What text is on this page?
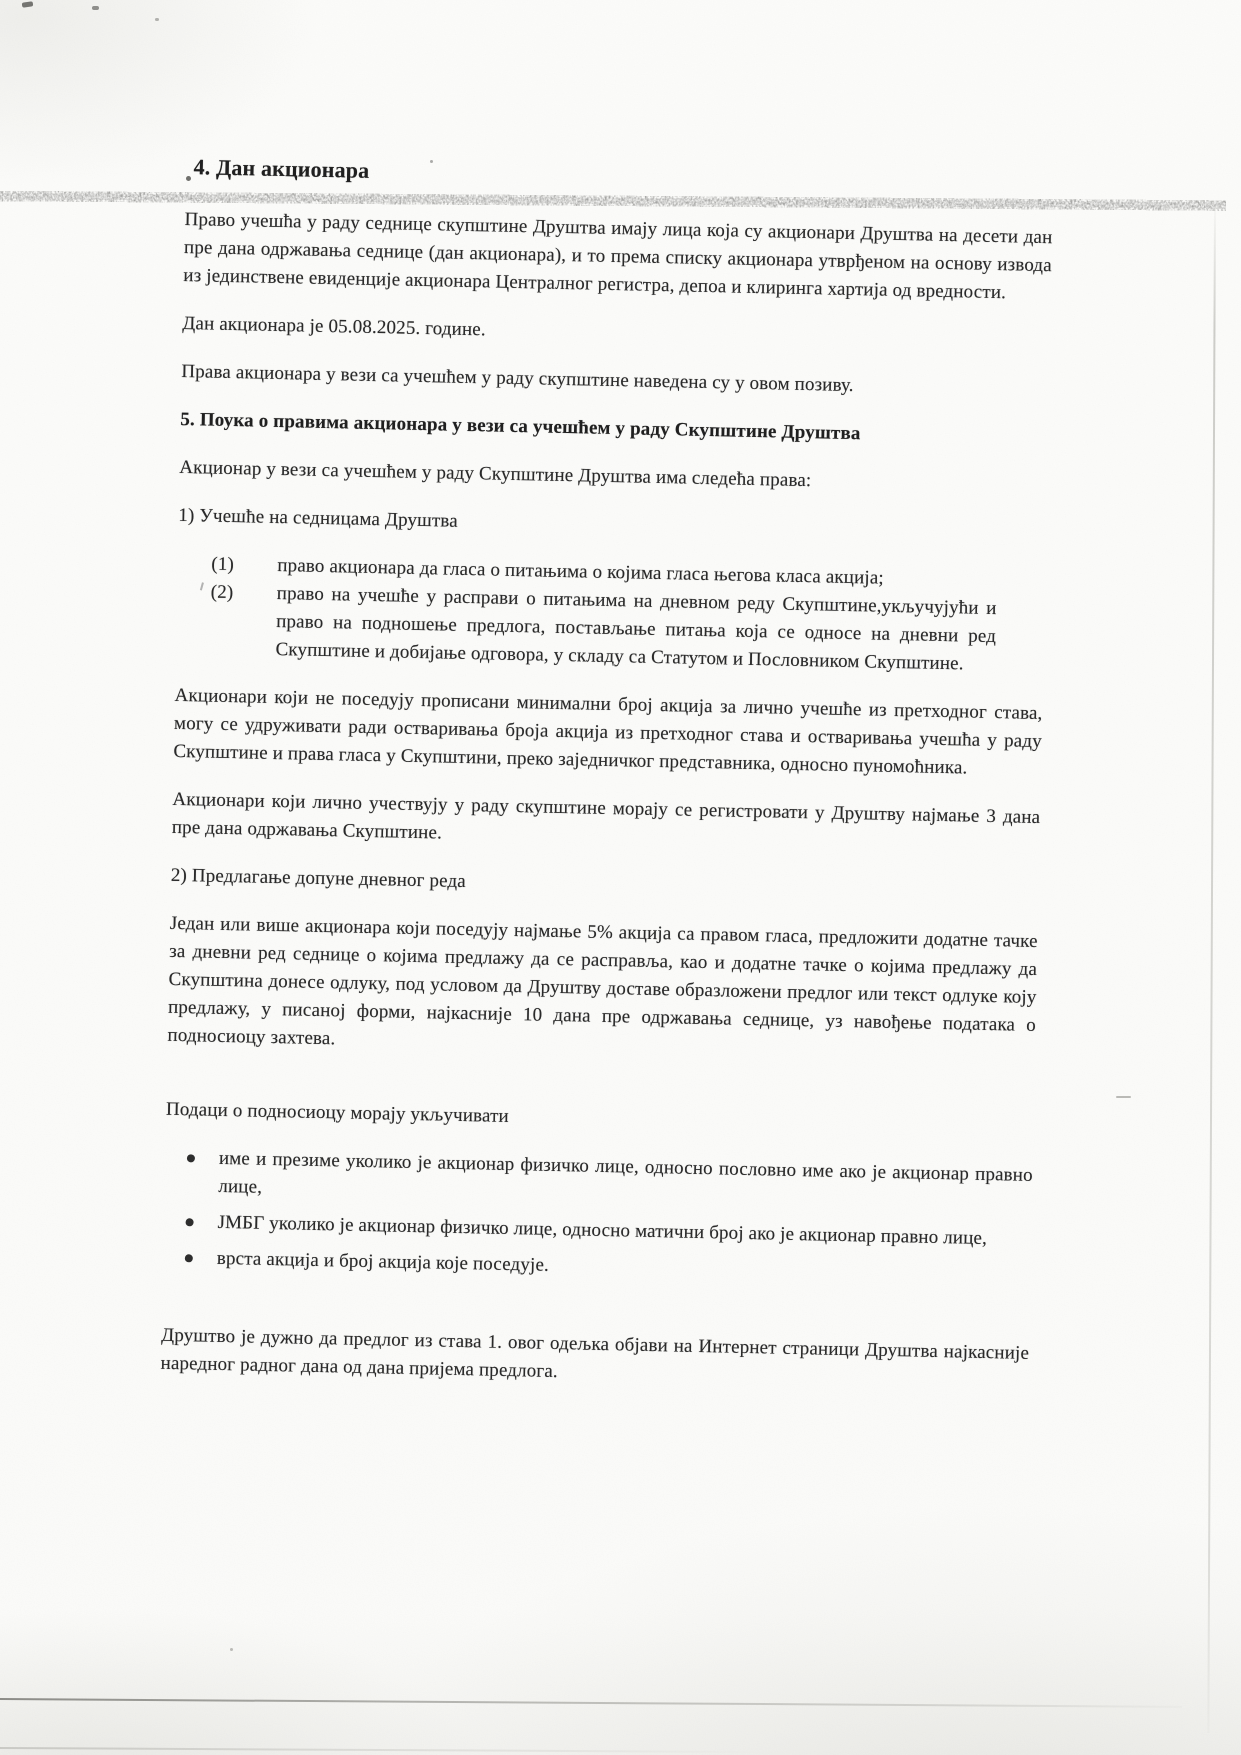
4. Дан акционара

Право учешћа у раду седнице скупштине Друштва имају лица која су акционари Друштва на десети дан пре дана одржавања седнице (дан акционара), и то према списку акционара утврђеном на основу извода из јединствене евиденције акционара Централног регистра, депоа и клиринга хартија од вредности.

Дан акционара је 05.08.2025. године.

Права акционара у вези са учешћем у раду скупштине наведена су у овом позиву.

5. Поука о правима акционара у вези са учешћем у раду Скупштине Друштва

Акционар у вези са учешћем у раду Скупштине Друштва има следећа права:

1) Учешће на седницама Друштва

(1) право акционара да гласа о питањима о којима гласа његова класа акција;
(2) право на учешће у расправи о питањима на дневном реду Скупштине,укључујући и право на подношење предлога, постављање питања која се односе на дневни ред Скупштине и добијање одговора, у складу са Статутом и Пословником Скупштине.

Акционари који не поседују прописани минимални број акција за лично учешће из претходног става, могу се удруживати ради остваривања броја акција из претходног става и остваривања учешћа у раду Скупштине и права гласа у Скупштини, преко заједничког представника, односно пуномоћника.

Акционари који лично учествују у раду скупштине морају се регистровати у Друштву најмање 3 дана пре дана одржавања Скупштине.

2) Предлагање допуне дневног реда

Један или више акционара који поседују најмање 5% акција са правом гласа, предложити додатне тачке за дневни ред седнице о којима предлажу да се расправља, као и додатне тачке о којима предлажу да Скупштина донесе одлуку, под условом да Друштву доставе образложени предлог или текст одлуке коју предлажу, у писаној форми, најкасније 10 дана пре одржавања седнице, уз навођење података о подносиоцу захтева.

Подаци о подносиоцу морају укључивати

име и презиме уколико је акционар физичко лице, односно пословно име ако је акционар правно лице,
ЈМБГ уколико је акционар физичко лице, односно матични број ако је акционар правно лице,
врста акција и број акција које поседује.

Друштво је дужно да предлог из става 1. овог одељка објави на Интернет страници Друштва најкасније наредног радног дана од дана пријема предлога.
